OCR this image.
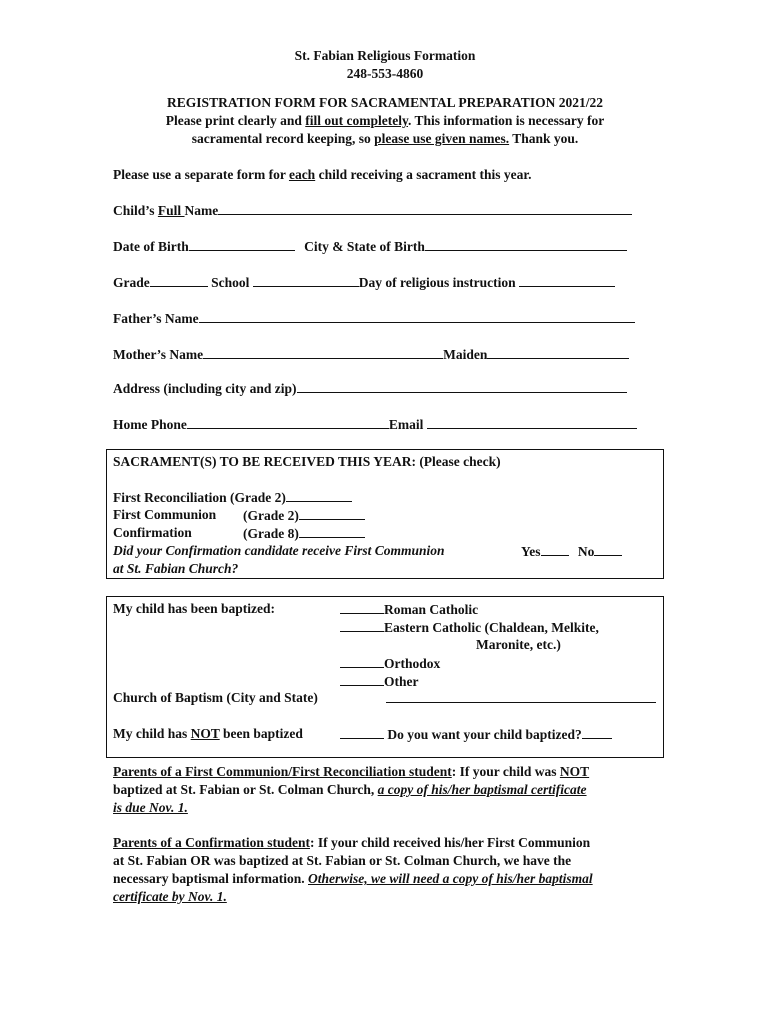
St. Fabian Religious Formation
248-553-4860
REGISTRATION FORM FOR SACRAMENTAL PREPARATION 2021/22
Please print clearly and fill out completely. This information is necessary for
sacramental record keeping, so please use given names. Thank you.
Please use a separate form for each child receiving a sacrament this year.
Child’s Full Name
Date of Birth	City & State of Birth
Grade	School	Day of religious instruction
Father’s Name
Mother’s Name	Maiden
Address (including city and zip)
Home Phone	Email
SACRAMENT(S) TO BE RECEIVED THIS YEAR: (Please check)
First Reconciliation (Grade 2)
First Communion (Grade 2)
Confirmation	(Grade 8)
Did your Confirmation candidate receive First Communion
at St. Fabian Church?
Yes	No
My child has been baptized:	Roman Catholic
Eastern Catholic (Chaldean, Melkite,
Maronite, etc.)
Orthodox
Other
Church of Baptism (City and State)
My child has NOT been baptized	Do you want your child baptized?
Parents of a First Communion/First Reconciliation student: If your child was NOT
baptized at St. Fabian or St. Colman Church, a copy of his/her baptismal certificate
is due Nov. 1.
Parents of a Confirmation student: If your child received his/her First Communion
at St. Fabian OR was baptized at St. Fabian or St. Colman Church, we have the
necessary baptismal information. Otherwise, we will need a copy of his/her baptismal
certificate by Nov. 1.
